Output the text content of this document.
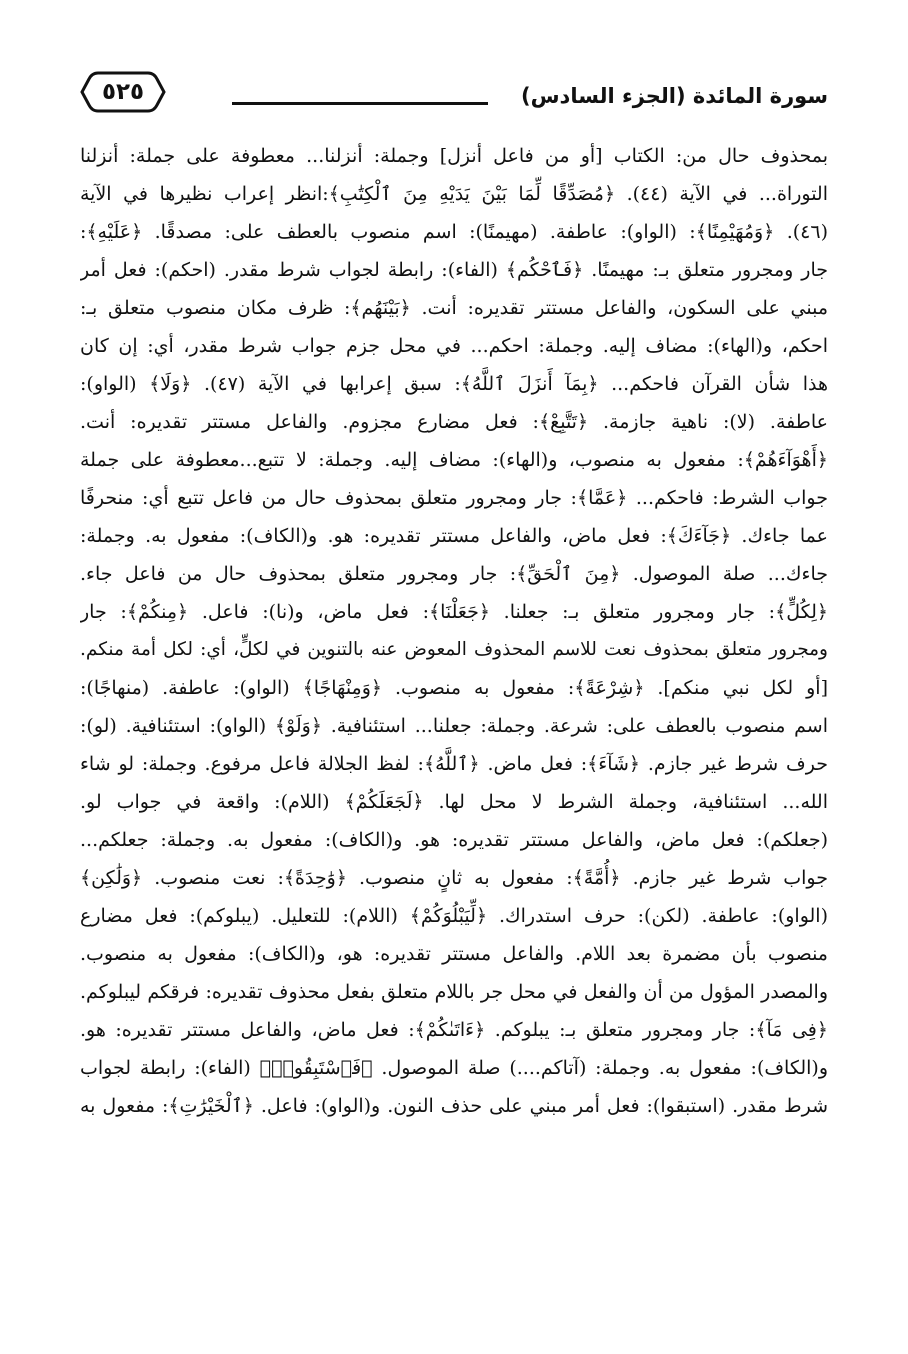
سورة المائدة (الجزء السادس)
٥٢٥
بمحذوف حال من: الكتاب [أو من فاعل أنزل] وجملة: أنزلنا... معطوفة على جملة: أنزلنا
التوراة... في الآية (٤٤). ﴿مُصَدِّقًا لِّمَا بَيْنَ يَدَيْهِ مِنَ ٱلْكِتَٰبِ﴾:انظر إعراب نظيرها في الآية
(٤٦). ﴿وَمُهَيْمِنًا﴾: (الواو): عاطفة. (مهيمنًا): اسم منصوب بالعطف على: مصدقًا. ﴿عَلَيْهِ﴾:
جار ومجرور متعلق بـ: مهيمنًا. ﴿فَٱحْكُم﴾ (الفاء): رابطة لجواب شرط مقدر. (احكم): فعل أمر
مبني على السكون، والفاعل مستتر تقديره: أنت. ﴿بَيْنَهُم﴾: ظرف مكان منصوب متعلق بـ:
احكم، و(الهاء): مضاف إليه. وجملة: احكم... في محل جزم جواب شرط مقدر، أي: إن كان
هذا شأن القرآن فاحكم... ﴿بِمَآ أَنزَلَ ٱللَّهُ﴾: سبق إعرابها في الآية (٤٧). ﴿وَلَا﴾ (الواو):
عاطفة. (لا): ناهية جازمة. ﴿تَتَّبِعْ﴾: فعل مضارع مجزوم. والفاعل مستتر تقديره: أنت.
﴿أَهْوَآءَهُمْ﴾: مفعول به منصوب، و(الهاء): مضاف إليه. وجملة: لا تتبع...معطوفة على جملة
جواب الشرط: فاحكم... ﴿عَمَّا﴾: جار ومجرور متعلق بمحذوف حال من فاعل تتبع أي: منحرفًا
عما جاءك. ﴿جَآءَكَ﴾: فعل ماض، والفاعل مستتر تقديره: هو. و(الكاف): مفعول به. وجملة:
جاءك... صلة الموصول. ﴿مِنَ ٱلْحَقِّ﴾: جار ومجرور متعلق بمحذوف حال من فاعل جاء.
﴿لِكُلٍّ﴾: جار ومجرور متعلق بـ: جعلنا. ﴿جَعَلْنَا﴾: فعل ماض، و(نا): فاعل. ﴿مِنكُمْ﴾: جار
ومجرور متعلق بمحذوف نعت للاسم المحذوف المعوض عنه بالتنوين في لكلٍّ، أي: لكل أمة منكم.
[أو لكل نبي منكم]. ﴿شِرْعَةً﴾: مفعول به منصوب. ﴿وَمِنْهَاجًا﴾ (الواو): عاطفة. (منهاجًا):
اسم منصوب بالعطف على: شرعة. وجملة: جعلنا... استئنافية. ﴿وَلَوْ﴾ (الواو): استئنافية. (لو):
حرف شرط غير جازم. ﴿شَآءَ﴾: فعل ماض. ﴿ٱللَّهُ﴾: لفظ الجلالة فاعل مرفوع. وجملة: لو شاء
الله... استئنافية، وجملة الشرط لا محل لها. ﴿لَجَعَلَكُمْ﴾ (اللام): واقعة في جواب لو.
(جعلكم): فعل ماض، والفاعل مستتر تقديره: هو. و(الكاف): مفعول به. وجملة: جعلكم...
جواب شرط غير جازم. ﴿أُمَّةً﴾: مفعول به ثانٍ منصوب. ﴿وَٰحِدَةً﴾: نعت منصوب. ﴿وَلَٰكِن﴾
(الواو): عاطفة. (لكن): حرف استدراك. ﴿لِّيَبْلُوَكُمْ﴾ (اللام): للتعليل. (يبلوكم): فعل مضارع
منصوب بأن مضمرة بعد اللام. والفاعل مستتر تقديره: هو، و(الكاف): مفعول به منصوب.
والمصدر المؤول من أن والفعل في محل جر باللام متعلق بفعل محذوف تقديره: فرقكم ليبلوكم.
﴿فِى مَآ﴾: جار ومجرور متعلق بـ: يبلوكم. ﴿ءَاتَىٰكُمْ﴾: فعل ماض، والفاعل مستتر تقديره: هو.
و(الكاف): مفعول به. وجملة: (آتاكم....) صلة الموصول. ﴿فَٱسْتَبِقُوا۟﴾ (الفاء): رابطة لجواب
شرط مقدر. (استبقوا): فعل أمر مبني على حذف النون. و(الواو): فاعل. ﴿ٱلْخَيْرَٰتِ﴾: مفعول به
